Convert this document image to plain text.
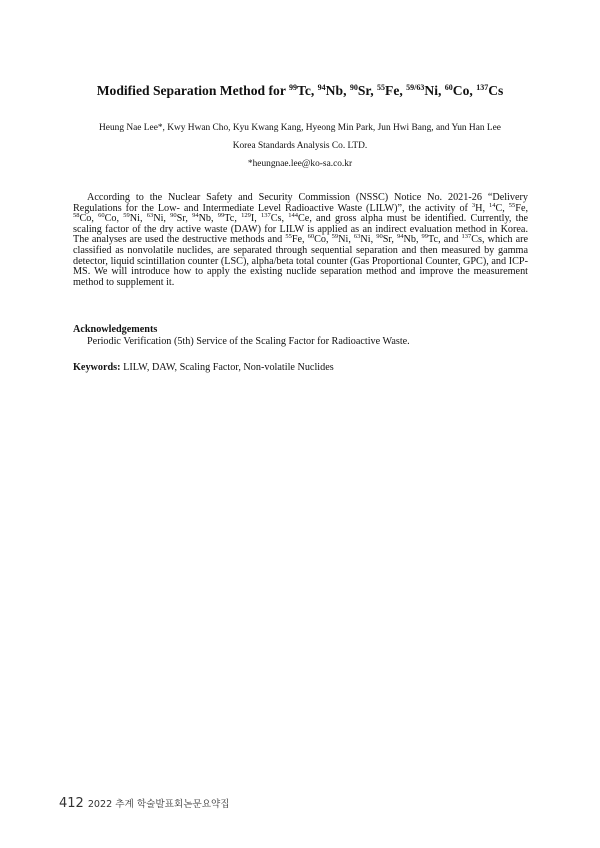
Modified Separation Method for $^{99}$Tc, $^{94}$Nb, $^{90}$Sr, $^{55}$Fe, $^{59/63}$Ni, $^{60}$Co, $^{137}$Cs
Heung Nae Lee*, Kwy Hwan Cho, Kyu Kwang Kang, Hyeong Min Park, Jun Hwi Bang, and Yun Han Lee
Korea Standards Analysis Co. LTD.
*heungnae.lee@ko-sa.co.kr

According to the Nuclear Safety and Security Commission (NSSC) Notice No. 2021-26 “Delivery Regulations for the Low- and Intermediate Level Radioactive Waste (LILW)”, the activity of $^3$H, $^{14}$C, $^{55}$Fe, $^{58}$Co, $^{60}$Co, $^{59}$Ni, $^{63}$Ni, $^{90}$Sr, $^{94}$Nb, $^{99}$Tc, $^{129}$I, $^{137}$Cs, $^{144}$Ce, and gross alpha must be identified. Currently, the scaling factor of the dry active waste (DAW) for LILW is applied as an indirect evaluation method in Korea. The analyses are used the destructive methods and $^{55}$Fe, $^{60}$Co, $^{59}$Ni, $^{63}$Ni, $^{90}$Sr, $^{94}$Nb, $^{99}$Tc, and $^{137}$Cs, which are classified as nonvolatile nuclides, are separated through sequential separation and then measured by gamma detector, liquid scintillation counter (LSC), alpha/beta total counter (Gas Proportional Counter, GPC), and ICP-MS. We will introduce how to apply the existing nuclide separation method and improve the measurement method to supplement it.

Acknowledgements
Periodic Verification (5th) Service of the Scaling Factor for Radioactive Waste.
Keywords: LILW, DAW, Scaling Factor, Non-volatile Nuclides
412 2022 추계 학술발표회논문요약집
